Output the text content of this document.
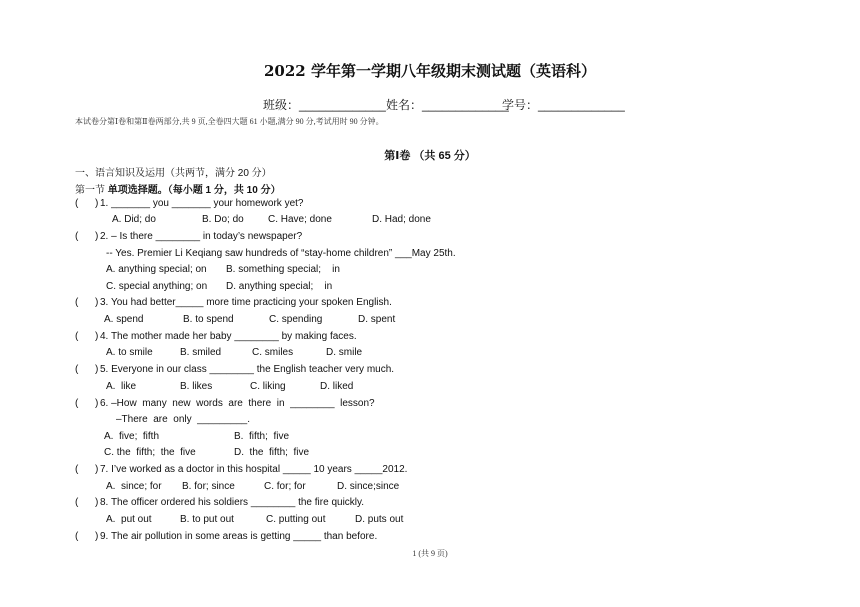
2022 学年第一学期八年级期末测试题（英语科）
班级：_____________ 姓名：_____________
学号：_____________
本试卷分第Ⅰ卷和第Ⅱ卷两部分,共 9 页,全卷四大题 61 小题,满分 90 分,考试用时 90 分钟。
第Ⅰ卷 （共 65 分）
一、语言知识及运用（共两节，满分 20 分）
第一节 单项选择题。（每小题 1 分，共 10 分）
(      ) 1. _______ you _______ your homework yet?
A. Did; do	B. Do; do C. Have; done	D. Had; done
(      ) 2. – Is there ________ in today’s newspaper?
-- Yes. Premier Li Keqiang saw hundreds of “stay-home children” ___May 25th.
A. anything special; on B. something special;    in
C. special anything; on D. anything special;    in
(      ) 3. You had better_____ more time practicing your spoken English.
A. spend	B. to spend	C. spending	D. spent
(      ) 4. The mother made her baby ________ by making faces.
A. to smile	B. smiled	C. smiles	D. smile
(      ) 5. Everyone in our class ________ the English teacher very much.
A.  like	B. likes	C. liking	D. liked
(      ) 6. –How  many  new  words  are  there  in  ________  lesson?
–There  are  only  _________.
A.  five;  fifth	B.  fifth;  five
C. the  fifth;  the  five	D.  the  fifth;  five
(      ) 7. I’ve worked as a doctor in this hospital _____ 10 years _____2012.
A.  since; for B. for; since	C. for; for	D. since;since
(      ) 8. The officer ordered his soldiers ________ the fire quickly.
A.  put out	B. to put out	C. putting out	D. puts out
(      ) 9. The air pollution in some areas is getting _____ than before.
1 (共 9 页)
